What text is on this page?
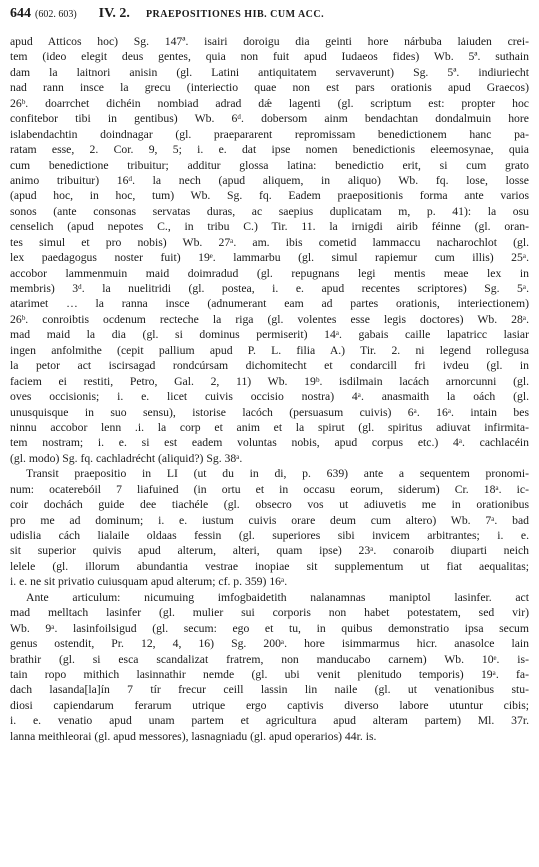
644 (602. 603) IV. 2. PRAEPOSITIONES HIB. CUM ACC.
apud Atticos hoc) Sg. 147ª. isairi doroigu dia geinti hore nárbuba laiuden crei-
tem (ideo elegit deus gentes, quia non fuit apud Iudaeos fides) Wb. 5ª. suthain
dam la laitnori anisin (gl. Latini antiquitatem servaverunt) Sg. 5ª. indiuriecht
nad rann insce la grecu (interiectio quae non est pars orationis apud Graecos)
26ᵇ. doarrchet dichéin nombiad adrad dǽ lagenti (gl. scriptum est: propter hoc
confitebor tibi in gentibus) Wb. 6ᵈ. dobersom ainm bendachtan dondalmuin hore
islabendachtin doindnagar (gl. praepararent repromissam benedictionem hanc pa-
ratam esse, 2. Cor. 9, 5; i. e. dat ipse nomen benedictionis eleemosynae, quia
cum benedictione tribuitur; additur glossa latina: benedictio erit, si cum grato
animo tribuitur) 16ᵈ. la nech (apud aliquem, in aliquo) Wb. fq. lose, losse
(apud hoc, in hoc, tum) Wb. Sg. fq. Eadem praepositionis forma ante varios
sonos (ante consonas servatas duras, ac saepius duplicatam m, p. 41): la osu
censelich (apud nepotes C., in tribu C.) Tir. 11. la irnigdi airib féinne (gl. oran-
tes simul et pro nobis) Wb. 27ᵃ. am. ibis cometid lammaccu nacharochlot (gl.
lex paedagogus noster fuit) 19ᵉ. lammarbu (gl. simul rapiemur cum illis) 25ᵃ.
accobor lammenmuin maid doimradud (gl. repugnans legi mentis meae lex in
membris) 3ᵈ. la nuelitridi (gl. postea, i. e. apud recentes scriptores) Sg. 5ᵃ.
atarimet … la ranna insce (adnumerant eam ad partes orationis, interiectionem)
26ᵇ. conroibtis ocdenum recteche la riga (gl. volentes esse legis doctores) Wb. 28ᵃ.
mad maid la dia (gl. si dominus permiserit) 14ᵃ. gabais caille lapatricc lasiar
ingen anfolmithe (cepit pallium apud P. L. filia A.) Tir. 2. ni legend rollegusa
la petor act iscirsagad rondcúrsam dichomitecht et condarcill fri ivdeu (gl. in
faciem ei restiti, Petro, Gal. 2, 11) Wb. 19ᵇ. isdilmain lacách arnorcunni (gl.
oves occisionis; i. e. licet cuivis occisio nostra) 4ᵃ. anasmaith la oách (gl.
unusquisque in suo sensu), istorise lacóch (persuasum cuivis) 6ᵃ. 16ᵃ. intain bes
ninnu accobor lenn .i. la corp et anim et la spirut (gl. spiritus adiuvat infirmita-
tem nostram; i. e. si est eadem voluntas nobis, apud corpus etc.) 4ᵃ. cachlacéin
(gl. modo) Sg. fq. cachladrécht (aliquid?) Sg. 38ᵃ.
Transit praepositio in LI (ut du in di, p. 639) ante a sequentem pronomi-
num: ocaterebóil 7 liafuined (in ortu et in occasu eorum, siderum) Cr. 18ᵃ. ic-
coir dochách guide dee tiachéle (gl. obsecro vos ut adiuvetis me in orationibus
pro me ad dominum; i. e. iustum cuivis orare deum cum altero) Wb. 7ᵃ. bad
udislia cách lialaile oldaas fessin (gl. superiores sibi invicem arbitrantes; i. e.
sit superior quivis apud alterum, alteri, quam ipse) 23ᵃ. conaroib diuparti neich
lelele (gl. illorum abundantia vestrae inopiae sit supplementum ut fiat aequalitas;
i. e. ne sit privatio cuiusquam apud alterum; cf. p. 359) 16ᵃ.
Ante articulum: nicumuing imfogbaidetith nalanamnas maniptol lasinfer. act
mad melltach lasinfer (gl. mulier sui corporis non habet potestatem, sed vir)
Wb. 9ᵃ. lasinfoilsigud (gl. secum: ego et tu, in quibus demonstratio ipsa secum
genus ostendit, Pr. 12, 4, 16) Sg. 200ᵃ. hore isimmarmus hicr. anasolce lain
brathir (gl. si esca scandalizat fratrem, non manducabo carnem) Wb. 10ᵉ. is-
tain ropo mithich lasinnathir nemde (gl. ubi venit plenitudo temporis) 19ᵃ. fa-
dach lasanda[la]ín 7 tír frecur ceill lassin lin naile (gl. ut venationibus stu-
diosi capiendarum ferarum utrique ergo captivis diverso labore utuntur cibis;
i. e. venatio apud unam partem et agricultura apud alteram partem) Ml. 37r.
lanna meithleorai (gl. apud messores), lasnagniadu (gl. apud operarios) 44r. is.
